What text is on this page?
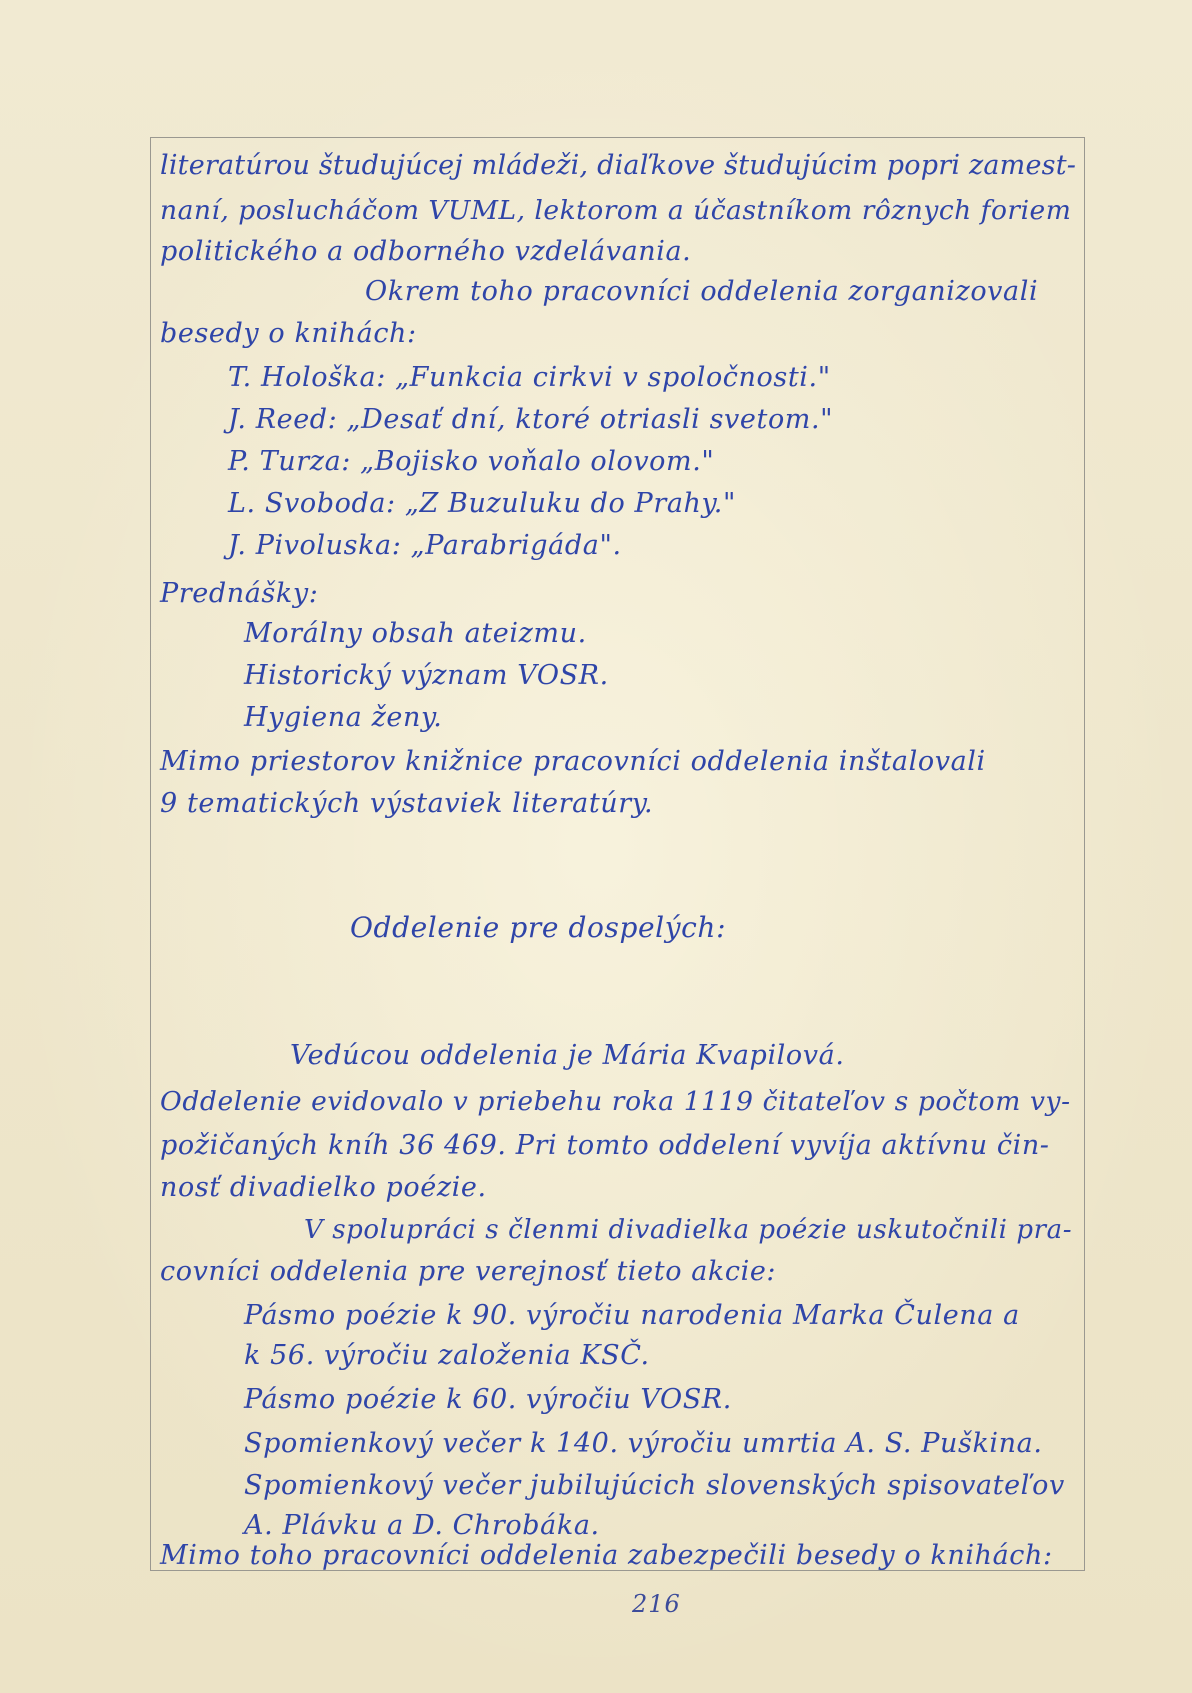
literatúrou študujúcej mládeži, diaľkove študujúcim popri zamest-
naní, poslucháčom VUML, lektorom a účastníkom rôznych foriem
politického a odborného vzdelávania.
Okrem toho pracovníci oddelenia zorganizovali
besedy o knihách:
T. Hološka: „Funkcia cirkvi v spoločnosti."
J. Reed: „Desať dní, ktoré otriasli svetom."
P. Turza: „Bojisko voňalo olovom."
L. Svoboda: „Z Buzuluku do Prahy."
J. Pivoluska: „Parabrigáda".
Prednášky:
Morálny obsah ateizmu.
Historický význam VOSR.
Hygiena ženy.
Mimo priestorov knižnice pracovníci oddelenia inštalovali
9 tematických výstaviek literatúry.
Oddelenie pre dospelých:
Vedúcou oddelenia je Mária Kvapilová.
Oddelenie evidovalo v priebehu roka 1119 čitateľov s počtom vy-
požičaných kníh 36 469. Pri tomto oddelení vyvíja aktívnu čin-
nosť divadielko poézie.
V spolupráci s členmi divadielka poézie uskutočnili pra-
covníci oddelenia pre verejnosť tieto akcie:
Pásmo poézie k 90. výročiu narodenia Marka Čulena a
k 56. výročiu založenia KSČ.
Pásmo poézie k 60. výročiu VOSR.
Spomienkový večer k 140. výročiu umrtia A. S. Puškina.
Spomienkový večer jubilujúcich slovenských spisovateľov
A. Plávku a D. Chrobáka.
Mimo toho pracovníci oddelenia zabezpečili besedy o knihách:
216
